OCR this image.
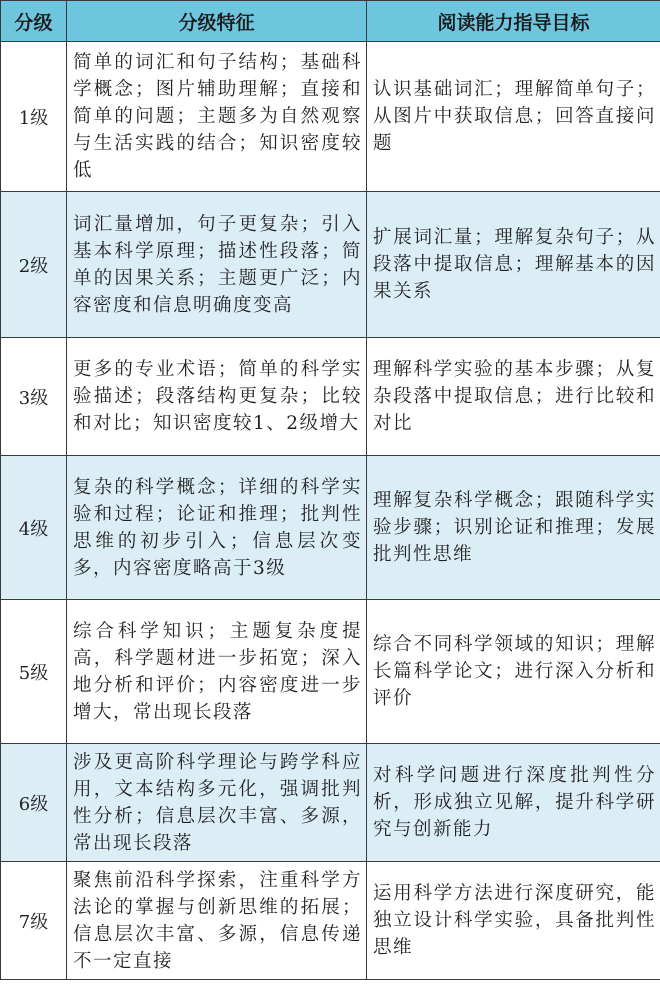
分级	分级特征	阅读能力指导目标
1级	简单的词汇和句子结构；基础科学概念；图片辅助理解；直接和简单的问题；主题多为自然观察与生活实践的结合；知识密度较低	认识基础词汇；理解简单句子；从图片中获取信息；回答直接问题
2级	词汇量增加，句子更复杂；引入基本科学原理；描述性段落；简单的因果关系；主题更广泛；内容密度和信息明确度变高	扩展词汇量；理解复杂句子；从段落中提取信息；理解基本的因果关系
3级	更多的专业术语；简单的科学实验描述；段落结构更复杂；比较和对比；知识密度较1、2级增大	理解科学实验的基本步骤；从复杂段落中提取信息；进行比较和对比
4级	复杂的科学概念；详细的科学实验和过程；论证和推理；批判性思维的初步引入；信息层次变多，内容密度略高于3级	理解复杂科学概念；跟随科学实验步骤；识别论证和推理；发展批判性思维
5级	综合科学知识；主题复杂度提高，科学题材进一步拓宽；深入地分析和评价；内容密度进一步增大，常出现长段落	综合不同科学领域的知识；理解长篇科学论文；进行深入分析和评价
6级	涉及更高阶科学理论与跨学科应用，文本结构多元化，强调批判性分析；信息层次丰富、多源，常出现长段落	对科学问题进行深度批判性分析，形成独立见解，提升科学研究与创新能力
7级	聚焦前沿科学探索，注重科学方法论的掌握与创新思维的拓展；信息层次丰富、多源，信息传递不一定直接	运用科学方法进行深度研究，能独立设计科学实验，具备批判性思维
